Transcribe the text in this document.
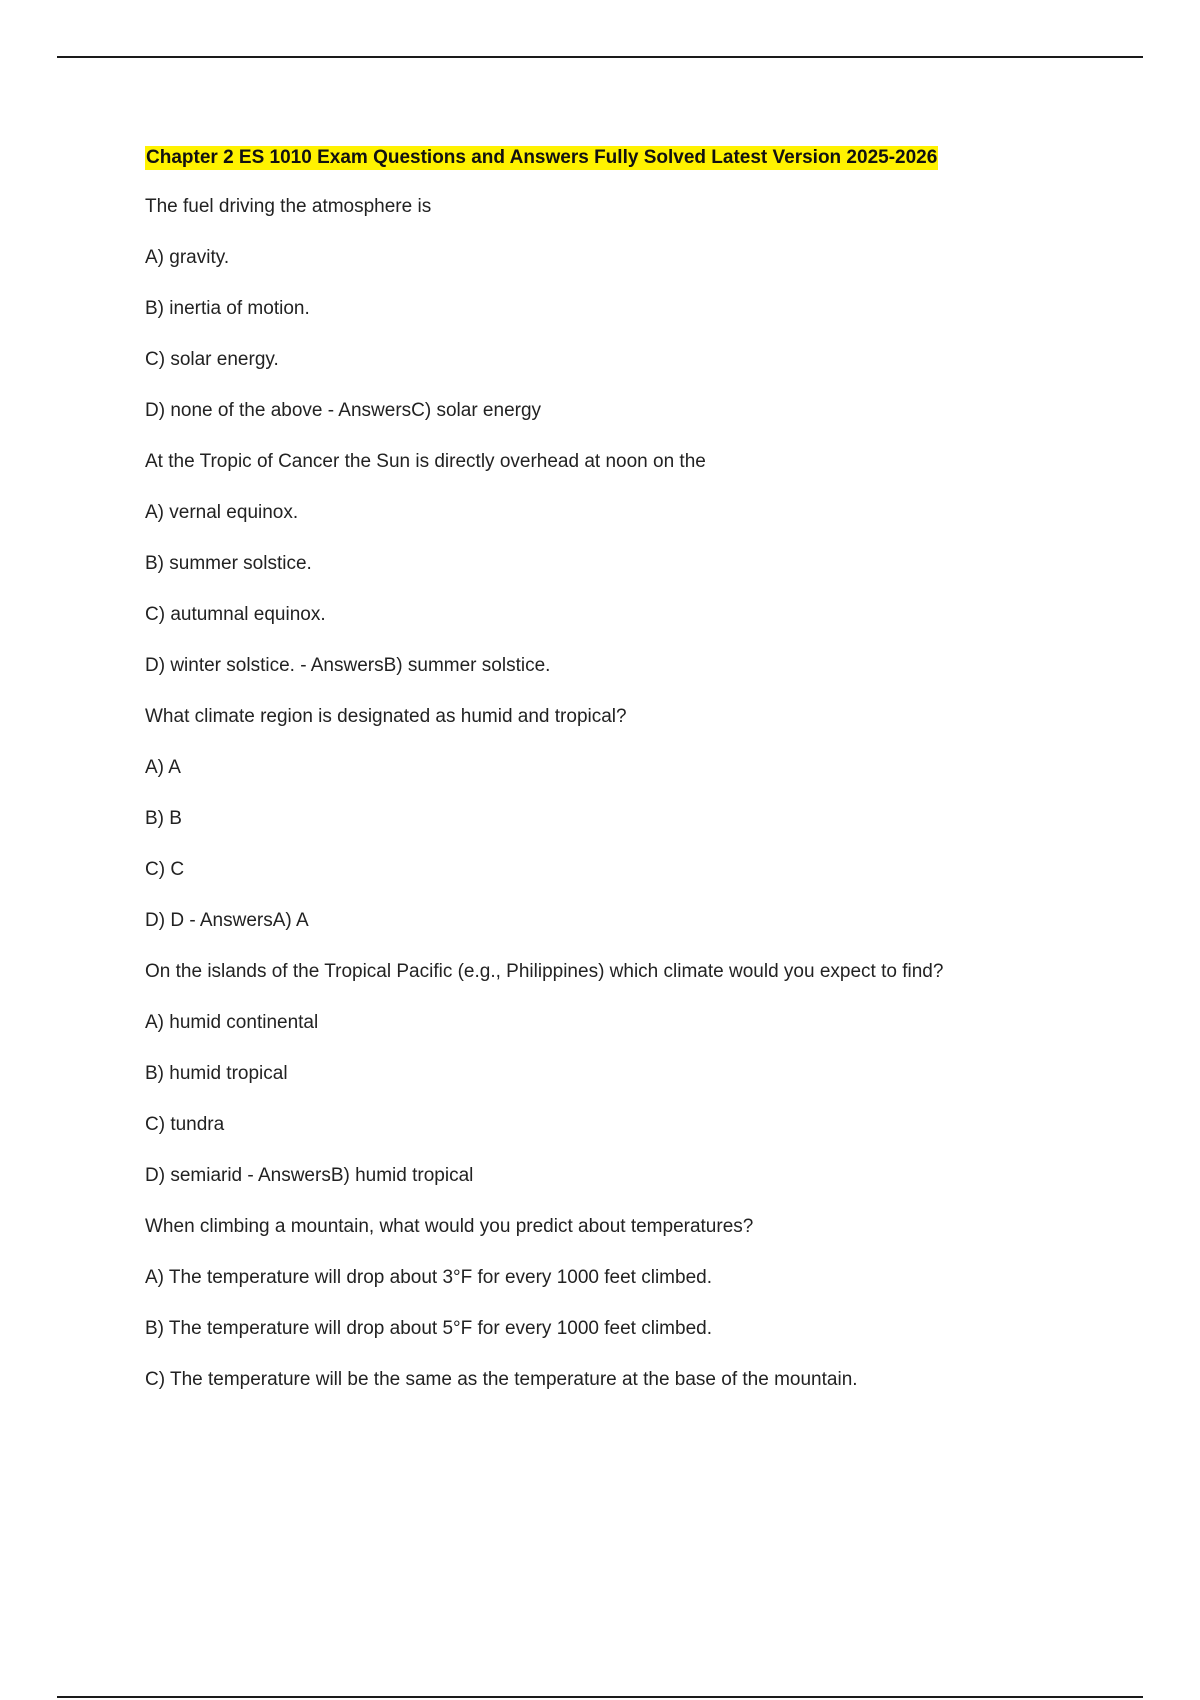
Chapter 2 ES 1010 Exam Questions and Answers Fully Solved Latest Version 2025-2026

The fuel driving the atmosphere is

A) gravity.

B) inertia of motion.

C) solar energy.

D) none of the above - AnswersC) solar energy

At the Tropic of Cancer the Sun is directly overhead at noon on the

A) vernal equinox.

B) summer solstice.

C) autumnal equinox.

D) winter solstice. - AnswersB) summer solstice.

What climate region is designated as humid and tropical?

A) A

B) B

C) C

D) D - AnswersA) A

On the islands of the Tropical Pacific (e.g., Philippines) which climate would you expect to find?

A) humid continental

B) humid tropical

C) tundra

D) semiarid - AnswersB) humid tropical

When climbing a mountain, what would you predict about temperatures?

A) The temperature will drop about 3°F for every 1000 feet climbed.

B) The temperature will drop about 5°F for every 1000 feet climbed.

C) The temperature will be the same as the temperature at the base of the mountain.
